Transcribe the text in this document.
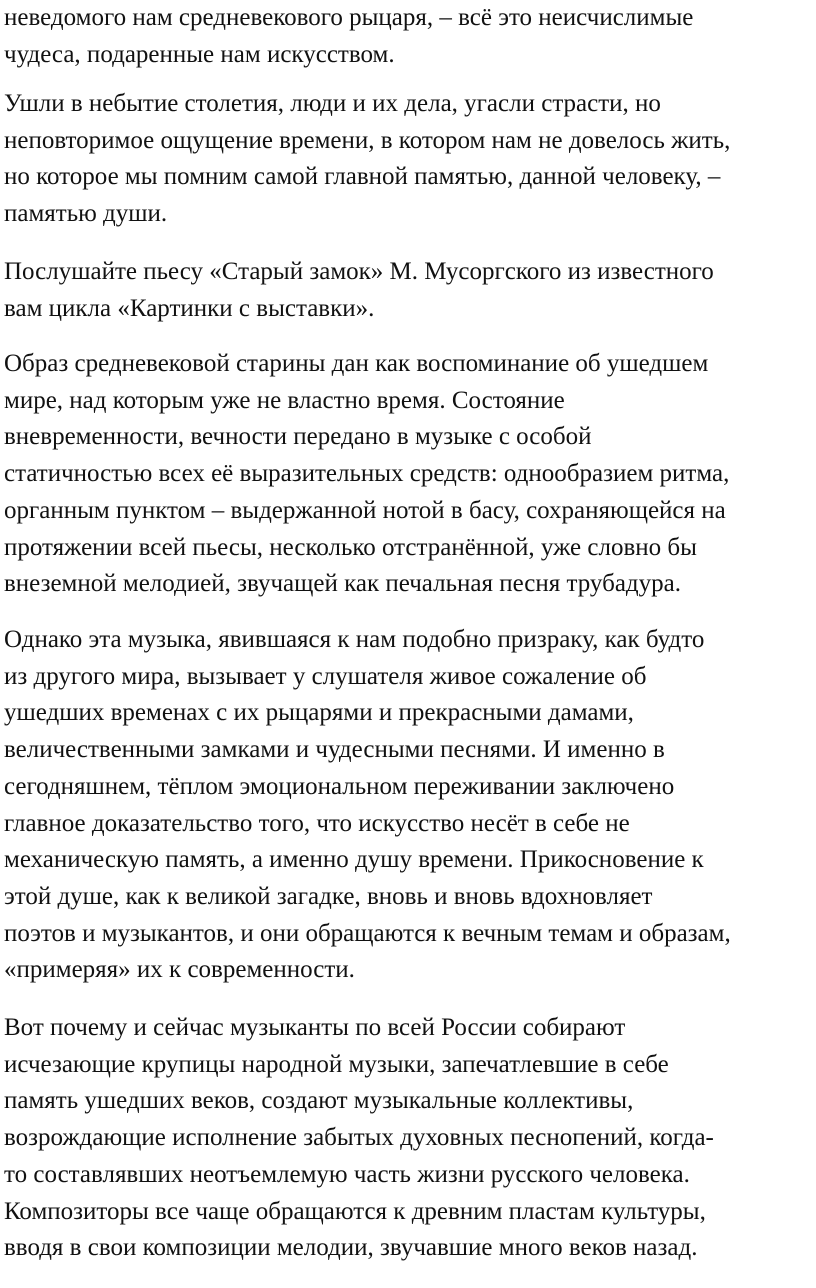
неведомого нам средневекового рыцаря, – всё это неисчислимые
чудеса, подаренные нам искусством.

Ушли в небытие столетия, люди и их дела, угасли страсти, но
неповторимое ощущение времени, в котором нам не довелось жить,
но которое мы помним самой главной памятью, данной человеку, –
памятью души.

Послушайте пьесу «Старый замок» М. Мусоргского из известного
вам цикла «Картинки с выставки».

Образ средневековой старины дан как воспоминание об ушедшем
мире, над которым уже не властно время. Состояние
вневременности, вечности передано в музыке с особой
статичностью всех её выразительных средств: однообразием ритма,
органным пунктом – выдержанной нотой в басу, сохраняющейся на
протяжении всей пьесы, несколько отстранённой, уже словно бы
внеземной мелодией, звучащей как печальная песня трубадура.

Однако эта музыка, явившаяся к нам подобно призраку, как будто
из другого мира, вызывает у слушателя живое сожаление об
ушедших временах с их рыцарями и прекрасными дамами,
величественными замками и чудесными песнями. И именно в
сегодняшнем, тёплом эмоциональном переживании заключено
главное доказательство того, что искусство несёт в себе не
механическую память, а именно душу времени. Прикосновение к
этой душе, как к великой загадке, вновь и вновь вдохновляет
поэтов и музыкантов, и они обращаются к вечным темам и образам,
«примеряя» их к современности.

Вот почему и сейчас музыканты по всей России собирают
исчезающие крупицы народной музыки, запечатлевшие в себе
память ушедших веков, создают музыкальные коллективы,
возрождающие исполнение забытых духовных песнопений, когда-
то составлявших неотъемлемую часть жизни русского человека.
Композиторы все чаще обращаются к древним пластам культуры,
вводя в свои композиции мелодии, звучавшие много веков назад.
